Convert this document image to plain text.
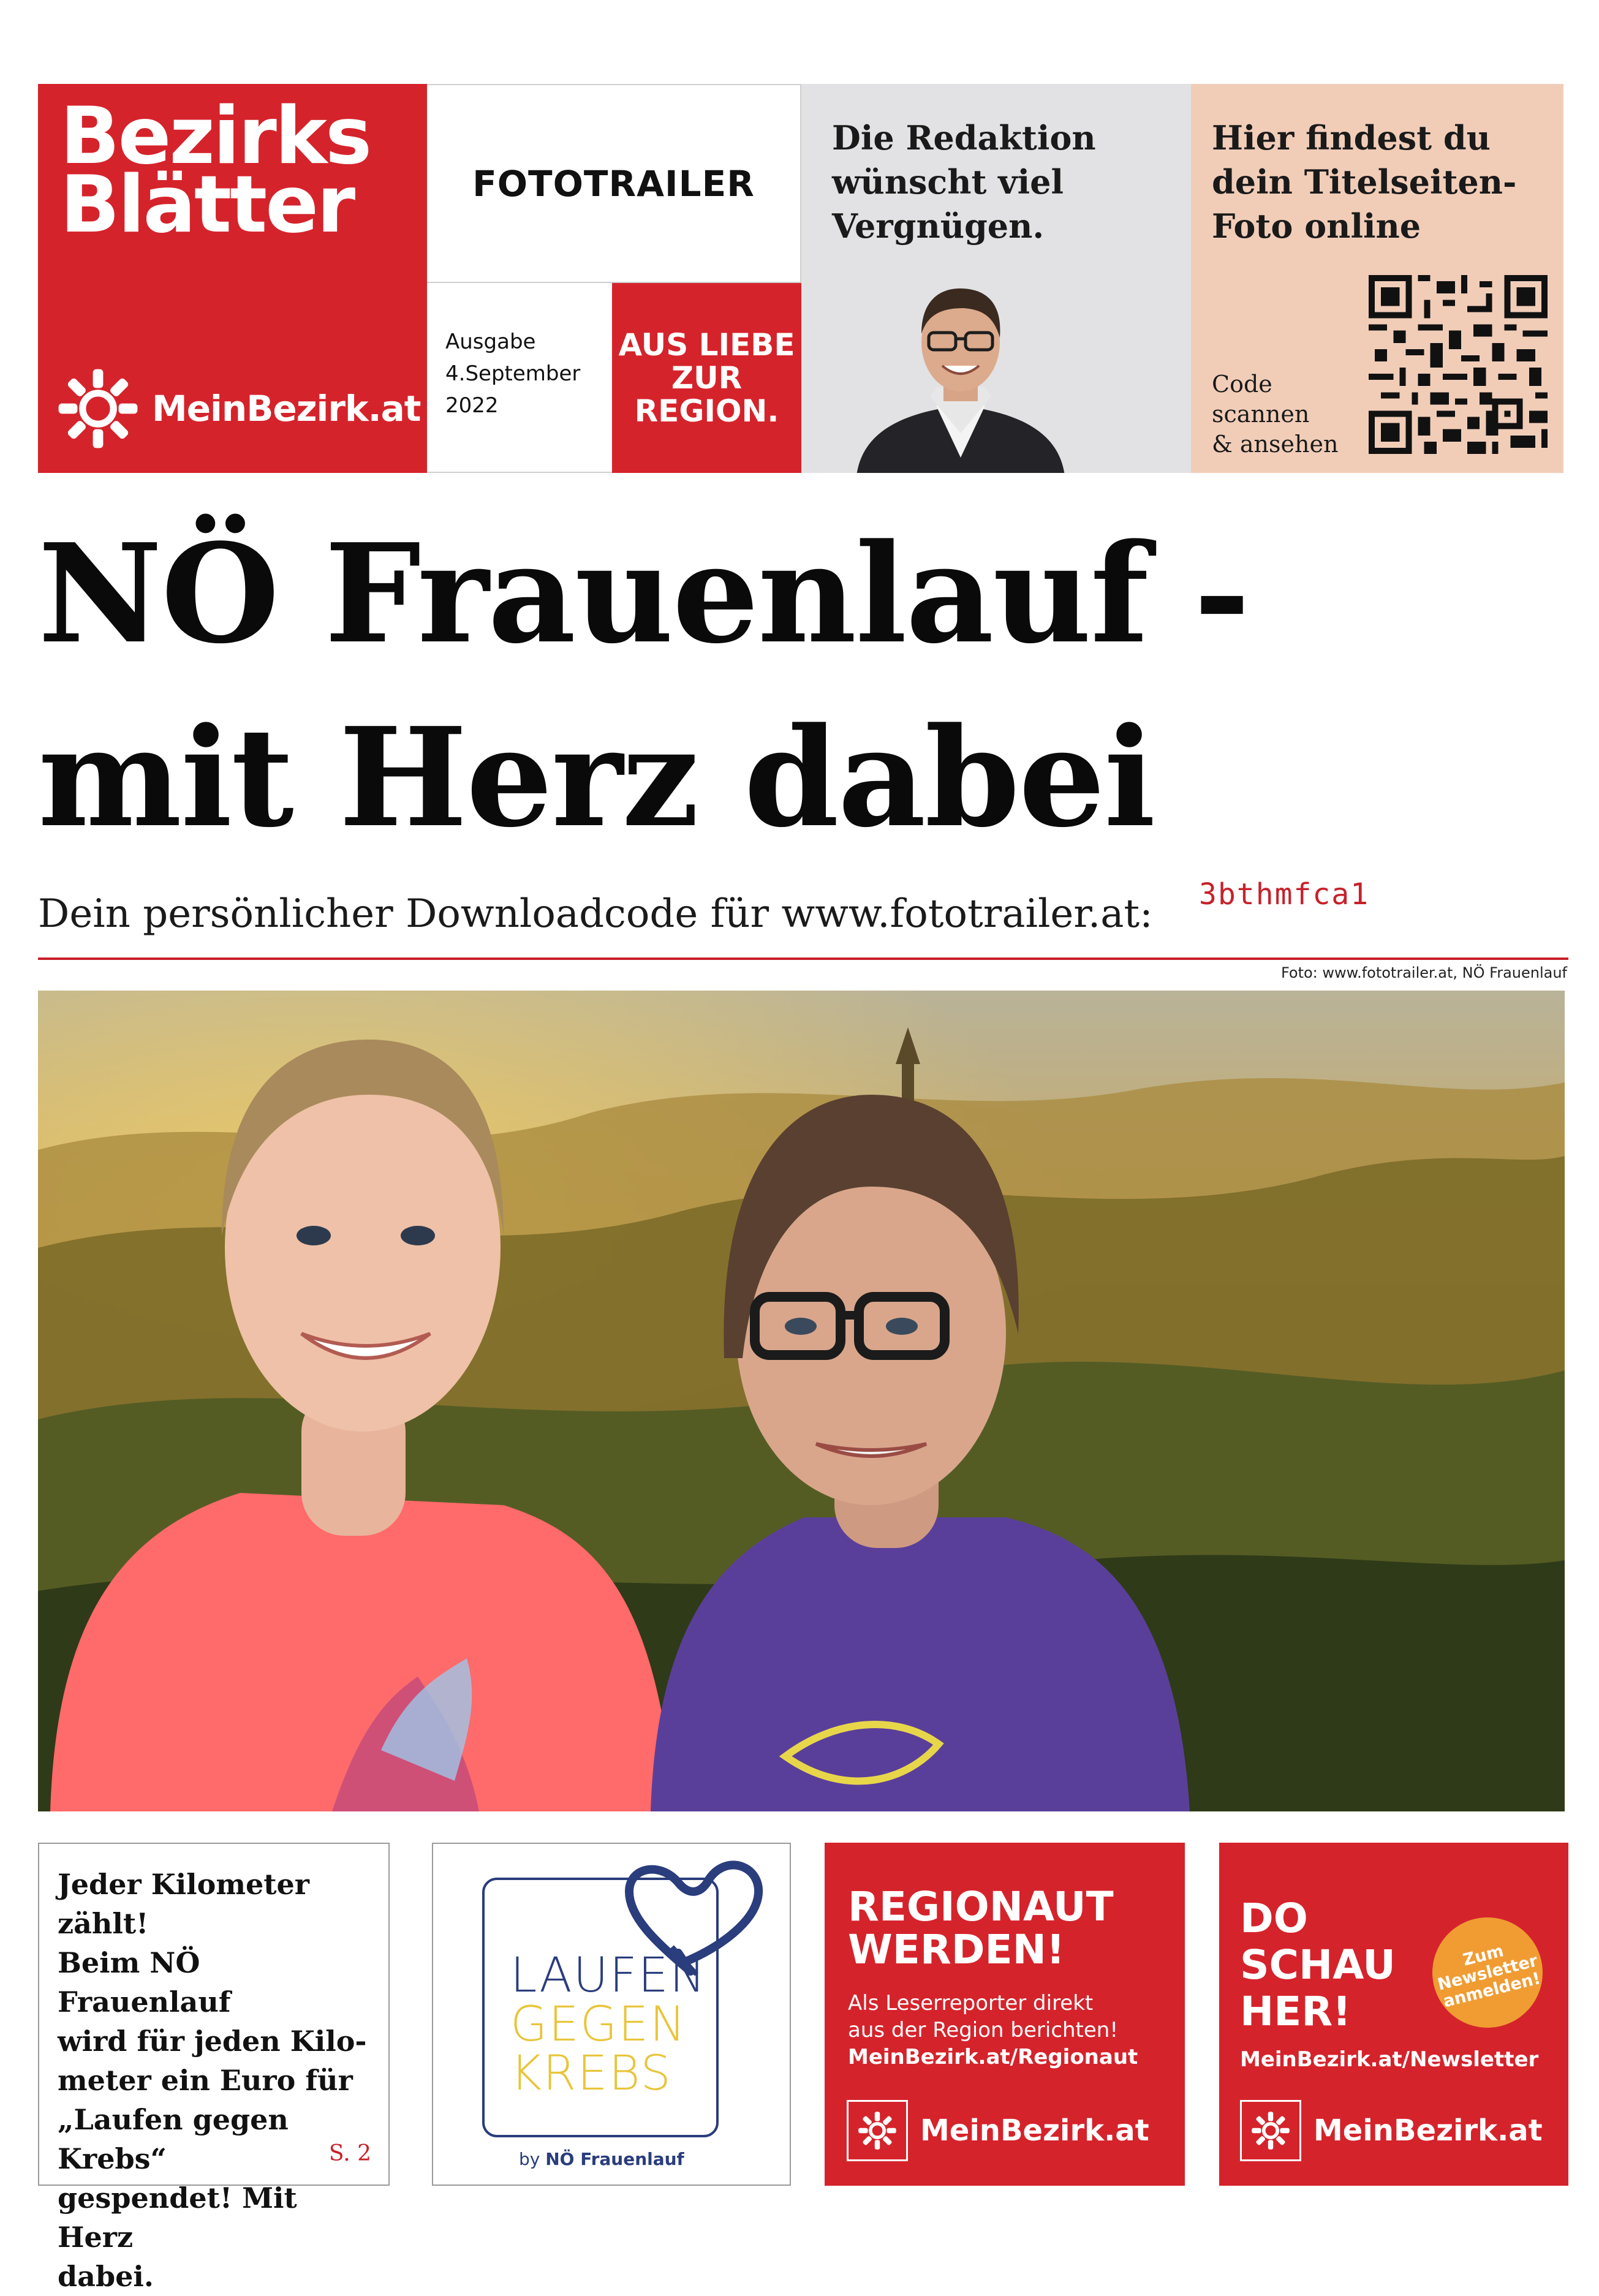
Bezirks
Blätter
MeinBezirk.at
FOTOTRAILER
Ausgabe
4.September
2022
AUS LIEBE
ZUR
REGION.
Die Redaktion
wünscht viel
Vergnügen.
Hier findest du
dein Titelseiten-
Foto online
Code
scannen
& ansehen
NÖ Frauenlauf -
mit Herz dabei
Dein persönlicher Downloadcode für www.fototrailer.at: 3bthmfca1
Foto: www.fototrailer.at, NÖ Frauenlauf
Jeder Kilometer zählt!
Beim NÖ Frauenlauf
wird für jeden Kilo-
meter ein Euro für
„Laufen gegen Krebs“
gespendet! Mit Herz
dabei.
S. 2
LAUFEN
GEGEN
KREBS
by NÖ Frauenlauf
REGIONAUT
WERDEN!
Als Leserreporter direkt
aus der Region berichten!
MeinBezirk.at/Regionaut
MeinBezirk.at
DO
SCHAU
HER!
Zum
Newsletter
anmelden!
MeinBezirk.at/Newsletter
MeinBezirk.at
